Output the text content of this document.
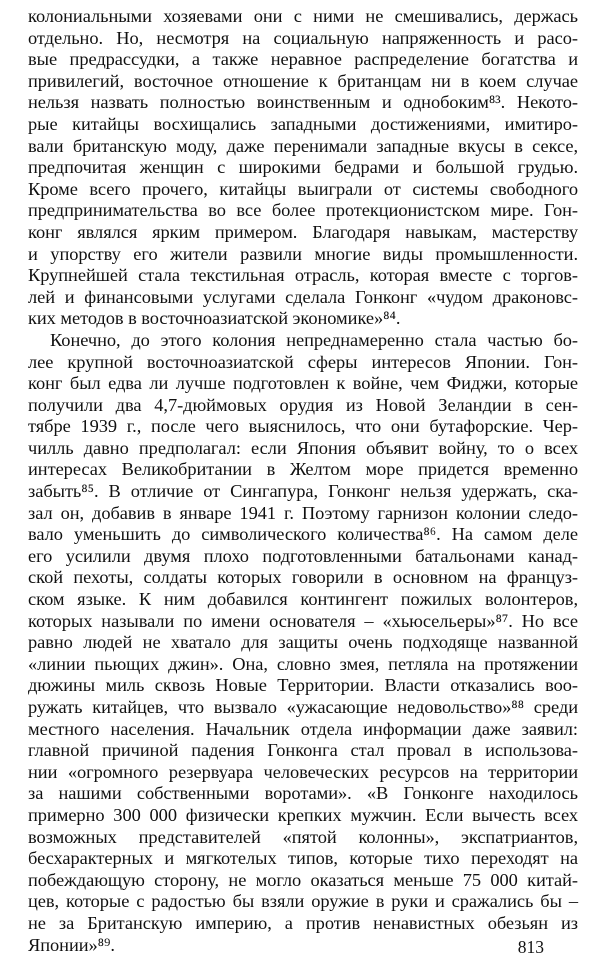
колониальными хозяевами они с ними не смешивались, держась
отдельно. Но, несмотря на социальную напряженность и расо-
вые предрассудки, а также неравное распределение богатства и
привилегий, восточное отношение к британцам ни в коем случае
нельзя назвать полностью воинственным и однобоким⁸³. Некото-
рые китайцы восхищались западными достижениями, имитиро-
вали британскую моду, даже перенимали западные вкусы в сексе,
предпочитая женщин с широкими бедрами и большой грудью.
Кроме всего прочего, китайцы выиграли от системы свободного
предпринимательства во все более протекционистском мире. Гон-
конг являлся ярким примером. Благодаря навыкам, мастерству
и упорству его жители развили многие виды промышленности.
Крупнейшей стала текстильная отрасль, которая вместе с торгов-
лей и финансовыми услугами сделала Гонконг «чудом драконовс-
ких методов в восточноазиатской экономике»⁸⁴.
Конечно, до этого колония непреднамеренно стала частью бо-
лее крупной восточноазиатской сферы интересов Японии. Гон-
конг был едва ли лучше подготовлен к войне, чем Фиджи, которые
получили два 4,7-дюймовых орудия из Новой Зеландии в сен-
тябре 1939 г., после чего выяснилось, что они бутафорские. Чер-
чилль давно предполагал: если Япония объявит войну, то о всех
интересах Великобритании в Желтом море придется временно
забыть⁸⁵. В отличие от Сингапура, Гонконг нельзя удержать, ска-
зал он, добавив в январе 1941 г. Поэтому гарнизон колонии следо-
вало уменьшить до символического количества⁸⁶. На самом деле
его усилили двумя плохо подготовленными батальонами канад-
ской пехоты, солдаты которых говорили в основном на француз-
ском языке. К ним добавился контингент пожилых волонтеров,
которых называли по имени основателя – «хьюсельеры»⁸⁷. Но все
равно людей не хватало для защиты очень подходяще названной
«линии пьющих джин». Она, словно змея, петляла на протяжении
дюжины миль сквозь Новые Территории. Власти отказались воо-
ружать китайцев, что вызвало «ужасающие недовольство»⁸⁸ среди
местного населения. Начальник отдела информации даже заявил:
главной причиной падения Гонконга стал провал в использова-
нии «огромного резервуара человеческих ресурсов на территории
за нашими собственными воротами». «В Гонконге находилось
примерно 300 000 физически крепких мужчин. Если вычесть всех
возможных представителей «пятой колонны», экспатриантов,
бесхарактерных и мягкотелых типов, которые тихо переходят на
побеждающую сторону, не могло оказаться меньше 75 000 китай-
цев, которые с радостью бы взяли оружие в руки и сражались бы –
не за Британскую империю, а против ненавистных обезьян из
Японии»⁸⁹.	813
